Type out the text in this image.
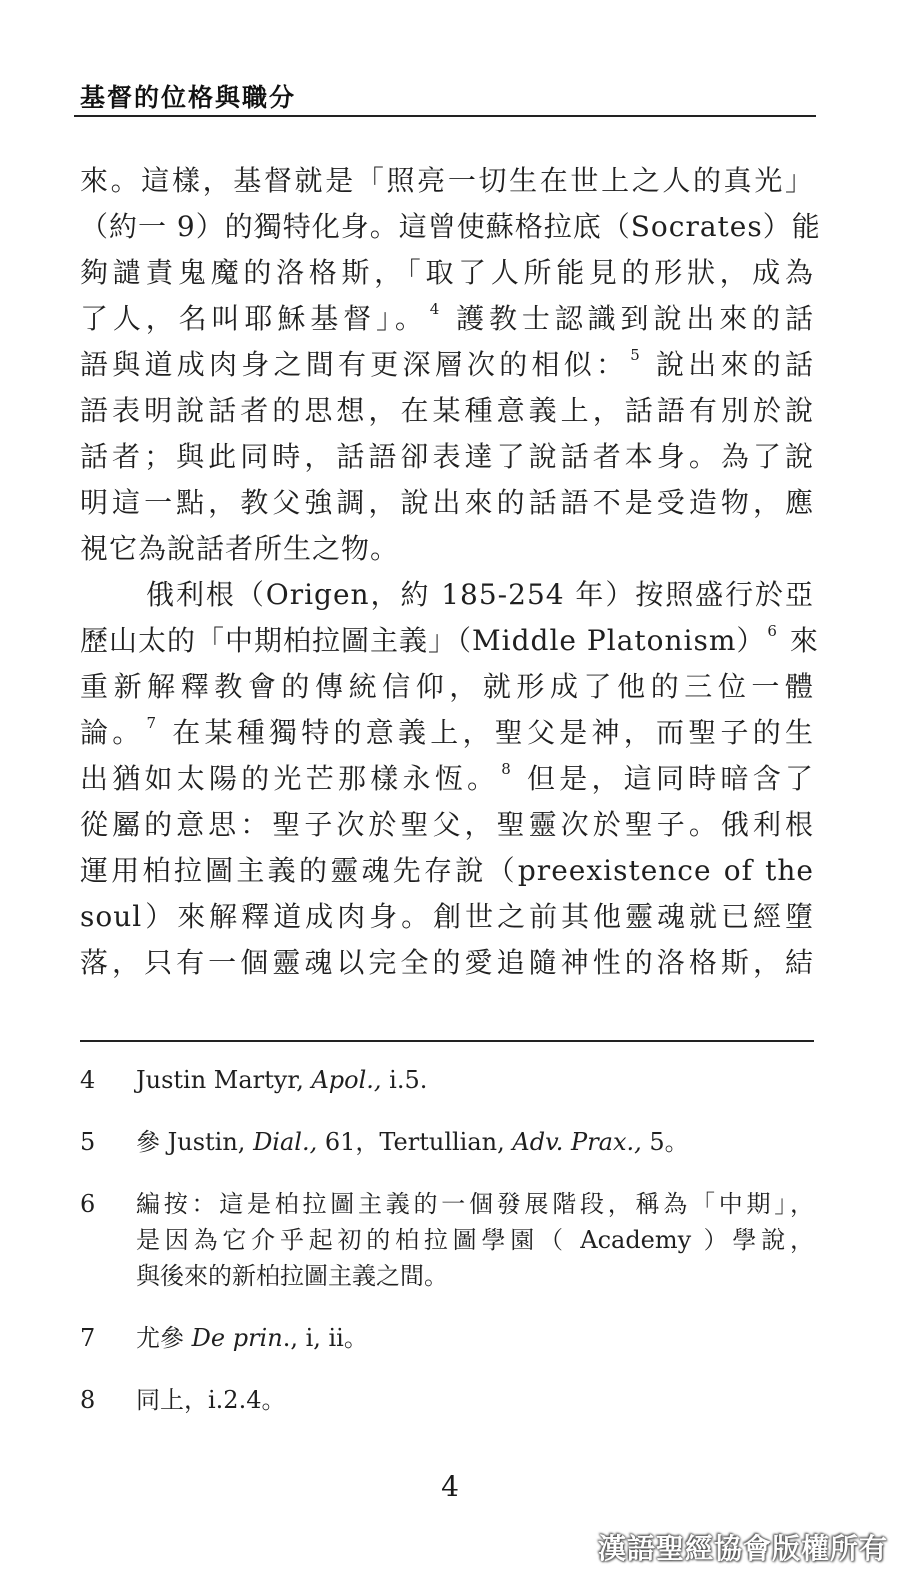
基督的位格與職分
來。這樣，基督就是「照亮一切生在世上之人的真光」
（約一 9）的獨特化身。這曾使蘇格拉底（Socrates）能
夠譴責鬼魔的洛格斯，「取了人所能見的形狀，成為
了人，名叫耶穌基督」。 $^4$ 護教士認識到說出來的話
語與道成肉身之間有更深層次的相似： $^5$ 說出來的話
語表明說話者的思想，在某種意義上，話語有別於說
話者；與此同時，話語卻表達了說話者本身。為了說
明這一點，教父強調，說出來的話語不是受造物，應
視它為說話者所生之物。
俄利根（Origen，約 185-254 年）按照盛行於亞
歷山太的「中期柏拉圖主義」（Middle Platonism） $^6$ 來
重新解釋教會的傳統信仰，就形成了他的三位一體
論。 $^7$ 在某種獨特的意義上，聖父是神，而聖子的生
出猶如太陽的光芒那樣永恆。 $^8$ 但是，這同時暗含了
從屬的意思：聖子次於聖父，聖靈次於聖子。俄利根
運用柏拉圖主義的靈魂先存說（preexistence of the
soul）來解釋道成肉身。創世之前其他靈魂就已經墮
落，只有一個靈魂以完全的愛追隨神性的洛格斯，結
4 Justin Martyr, Apol., i.5.
5 參 Justin, Dial., 61，Tertullian, Adv. Prax., 5。
6 編按：這是柏拉圖主義的一個發展階段，稱為「中期」，
是因為它介乎起初的柏拉圖學園（ Academy ）學說，
與後來的新柏拉圖主義之間。
7 尤參 De prin., i, ii。
8 同上，i.2.4。
4
漢語聖經協會版權所有
